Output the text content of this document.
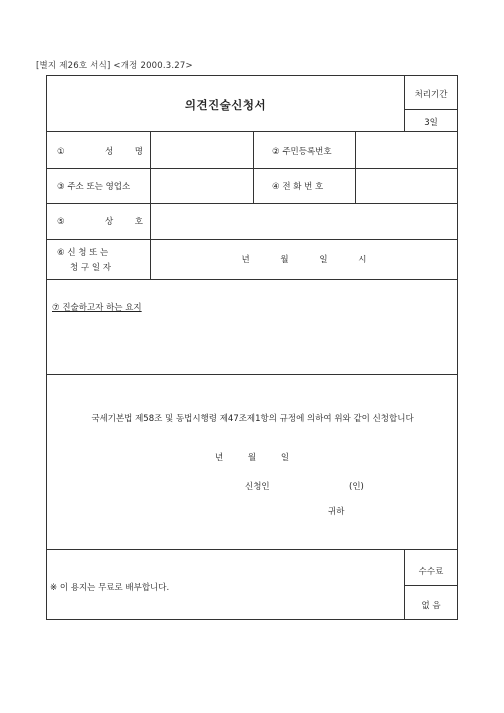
[별지 제26호 서식] <개정 2000.3.27>
의견진술신청서
처리기간
3일
① 성 명	② 주민등록번호
③ 주소 또는 영업소	④ 전 화 번 호
⑤ 상 호
⑥ 신 청 또 는
청 구 일 자
년 월 일 시
⑦ 진술하고자 하는 요지
국세기본법 제58조 및 동법시행령 제47조제1항의 규정에 의하여 위와 같이 신청합니다
년 월 일
신청인	(인)
귀하
※ 이 용지는 무료로 배부합니다.
수수료
없 음
